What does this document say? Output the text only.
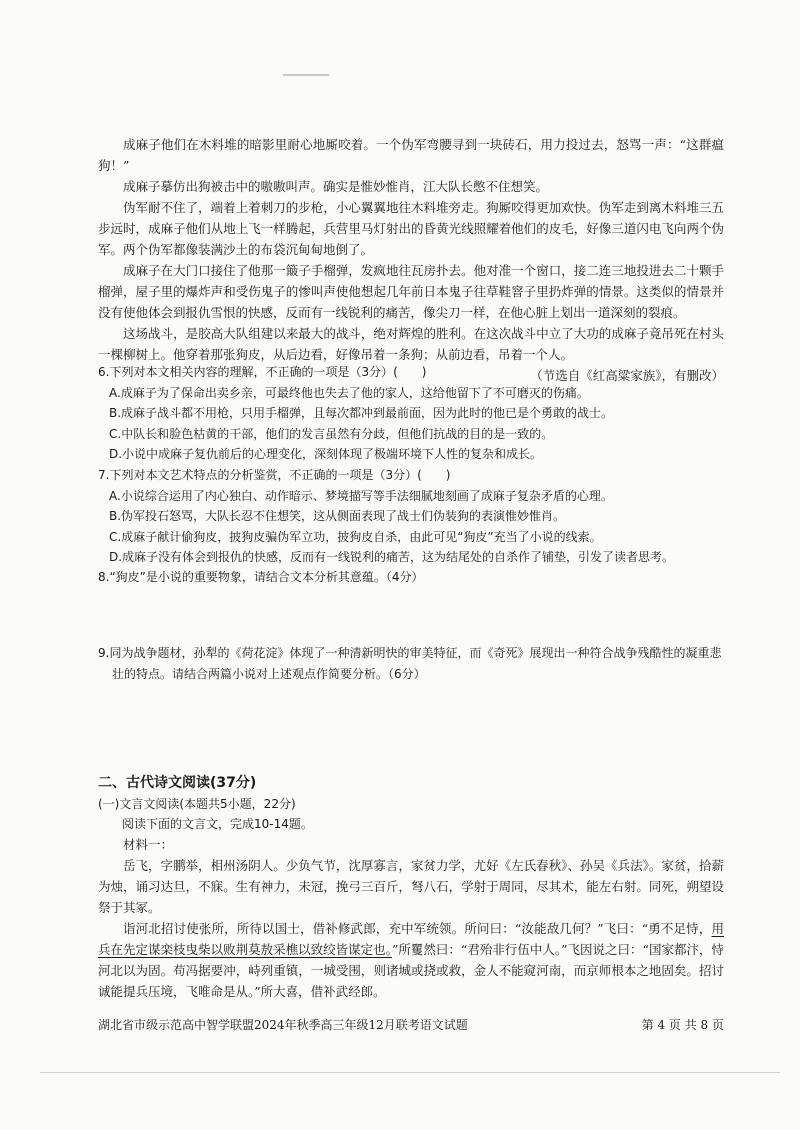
成麻子他们在木料堆的暗影里耐心地厮咬着。一个伪军弯腰寻到一块砖石，用力投过去，怒骂一声：“这群瘟狗！”

成麻子摹仿出狗被击中的嗷嗷叫声。确实是惟妙惟肖，江大队长憋不住想笑。

伪军耐不住了，端着上着刺刀的步枪，小心翼翼地往木料堆旁走。狗厮咬得更加欢快。伪军走到离木料堆三五步远时，成麻子他们从地上飞一样腾起，兵营里马灯射出的昏黄光线照耀着他们的皮毛，好像三道闪电飞向两个伪军。两个伪军都像装满沙土的布袋沉甸甸地倒了。

成麻子在大门口接住了他那一簸子手榴弹，发疯地往瓦房扑去。他对准一个窗口，接二连三地投进去二十颗手榴弹，屋子里的爆炸声和受伤鬼子的惨叫声使他想起几年前日本鬼子往草鞋窨子里扔炸弹的情景。这类似的情景并没有使他体会到报仇雪恨的快感，反而有一线锐利的痛苦，像尖刀一样，在他心脏上划出一道深刻的裂痕。

这场战斗，是胶高大队组建以来最大的战斗，绝对辉煌的胜利。在这次战斗中立了大功的成麻子竟吊死在村头一棵柳树上。他穿着那张狗皮，从后边看，好像吊着一条狗；从前边看，吊着一个人。

（节选自《红高粱家族》，有删改）

6.下列对本文相关内容的理解，不正确的一项是（3分）(　　)
A.成麻子为了保命出卖乡亲，可最终他也失去了他的家人，这给他留下了不可磨灭的伤痛。
B.成麻子战斗都不用枪，只用手榴弹，且每次都冲到最前面，因为此时的他已是个勇敢的战士。
C.中队长和脸色枯黄的干部，他们的发言虽然有分歧，但他们抗战的目的是一致的。
D.小说中成麻子复仇前后的心理变化，深刻体现了极端环境下人性的复杂和成长。
7.下列对本文艺术特点的分析鉴赏，不正确的一项是（3分）(　　)
A.小说综合运用了内心独白、动作暗示、梦境描写等手法细腻地刻画了成麻子复杂矛盾的心理。
B.伪军投石怒骂，大队长忍不住想笑，这从侧面表现了战士们伪装狗的表演惟妙惟肖。
C.成麻子献计偷狗皮，披狗皮骗伪军立功，披狗皮自杀，由此可见“狗皮”充当了小说的线索。
D.成麻子没有体会到报仇的快感，反而有一线锐利的痛苦，这为结尾处的自杀作了铺垫，引发了读者思考。
8.“狗皮”是小说的重要物象，请结合文本分析其意蕴。（4分）
9.同为战争题材，孙犁的《荷花淀》体现了一种清新明快的审美特征，而《奇死》展现出一种符合战争残酷性的凝重悲壮的特点。请结合两篇小说对上述观点作简要分析。（6分）

二、古代诗文阅读(37分)

(一)文言文阅读(本题共5小题，22分)

阅读下面的文言文，完成10-14题。

材料一：

岳飞，字鹏举，相州汤阴人。少负气节，沈厚寡言，家贫力学，尤好《左氏春秋》、孙吴《兵法》。家贫，拾薪为烛，诵习达旦，不寐。生有神力，未冠，挽弓三百斤，弩八石，学射于周同，尽其术，能左右射。同死，朔望设祭于其冢。

诣河北招讨使张所，所待以国士，借补修武郎，充中军统领。所问曰：“汝能敌几何？”飞曰：“勇不足恃，用兵在先定谋栾枝曳柴以败荆莫敖采樵以致绞皆谋定也。”所矍然曰：“君殆非行伍中人。”飞因说之曰：“国家都汴，恃河北以为固。苟冯据要冲，峙列重镇，一城受围，则诸城或挠或救，金人不能窥河南，而京师根本之地固矣。招讨诚能提兵压境，飞唯命是从。”所大喜，借补武经郎。

湖北省市级示范高中智学联盟2024年秋季高三年级12月联考语文试题	第 4 页 共 8 页
